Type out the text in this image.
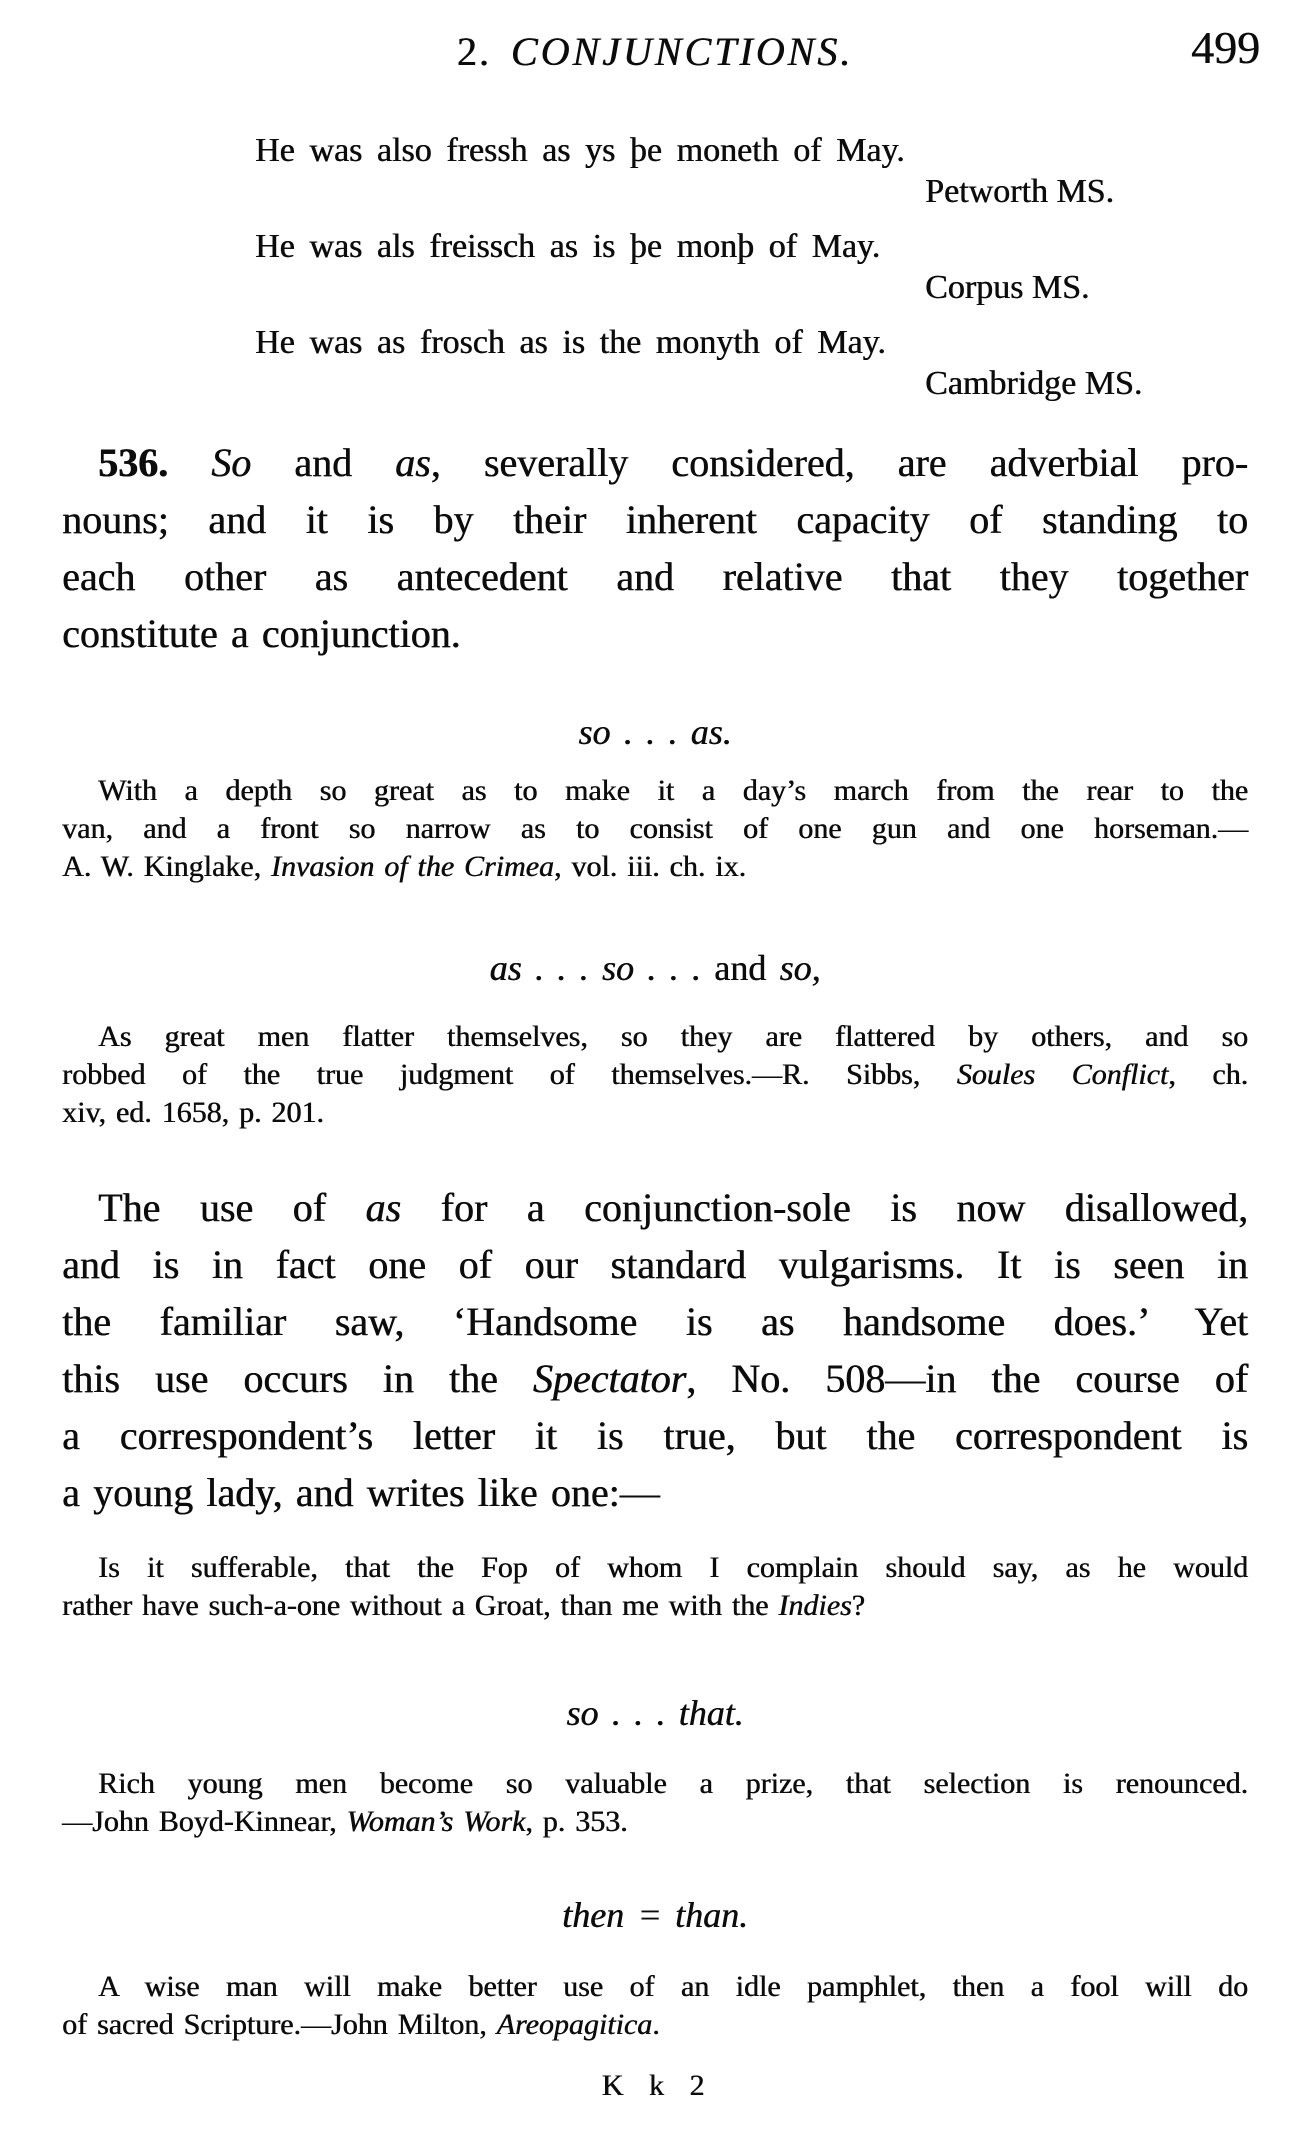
2. CONJUNCTIONS.	499
He was also fressh as ys þe moneth of May.
Petworth MS.
He was als freissch as is þe monþ of May.
Corpus MS.
He was as frosch as is the monyth of May.
Cambridge MS.
536. So and as, severally considered, are adverbial pro-
nouns; and it is by their inherent capacity of standing to
each other as antecedent and relative that they together
constitute a conjunction.
so . . . as.
With a depth so great as to make it a day’s march from the rear to the
van, and a front so narrow as to consist of one gun and one horseman.—
A. W. Kinglake, Invasion of the Crimea, vol. iii. ch. ix.
as . . . so . . . and so,
As great men flatter themselves, so they are flattered by others, and so
robbed of the true judgment of themselves.—R. Sibbs, Soules Conflict, ch.
xiv, ed. 1658, p. 201.
The use of as for a conjunction-sole is now disallowed,
and is in fact one of our standard vulgarisms. It is seen in
the familiar saw, ‘Handsome is as handsome does.’ Yet
this use occurs in the Spectator, No. 508—in the course of
a correspondent’s letter it is true, but the correspondent is
a young lady, and writes like one:—
Is it sufferable, that the Fop of whom I complain should say, as he would
rather have such-a-one without a Groat, than me with the Indies?
so . . . that.
Rich young men become so valuable a prize, that selection is renounced.
—John Boyd-Kinnear, Woman’s Work, p. 353.
then = than.
A wise man will make better use of an idle pamphlet, then a fool will do
of sacred Scripture.—John Milton, Areopagitica.
K k 2
